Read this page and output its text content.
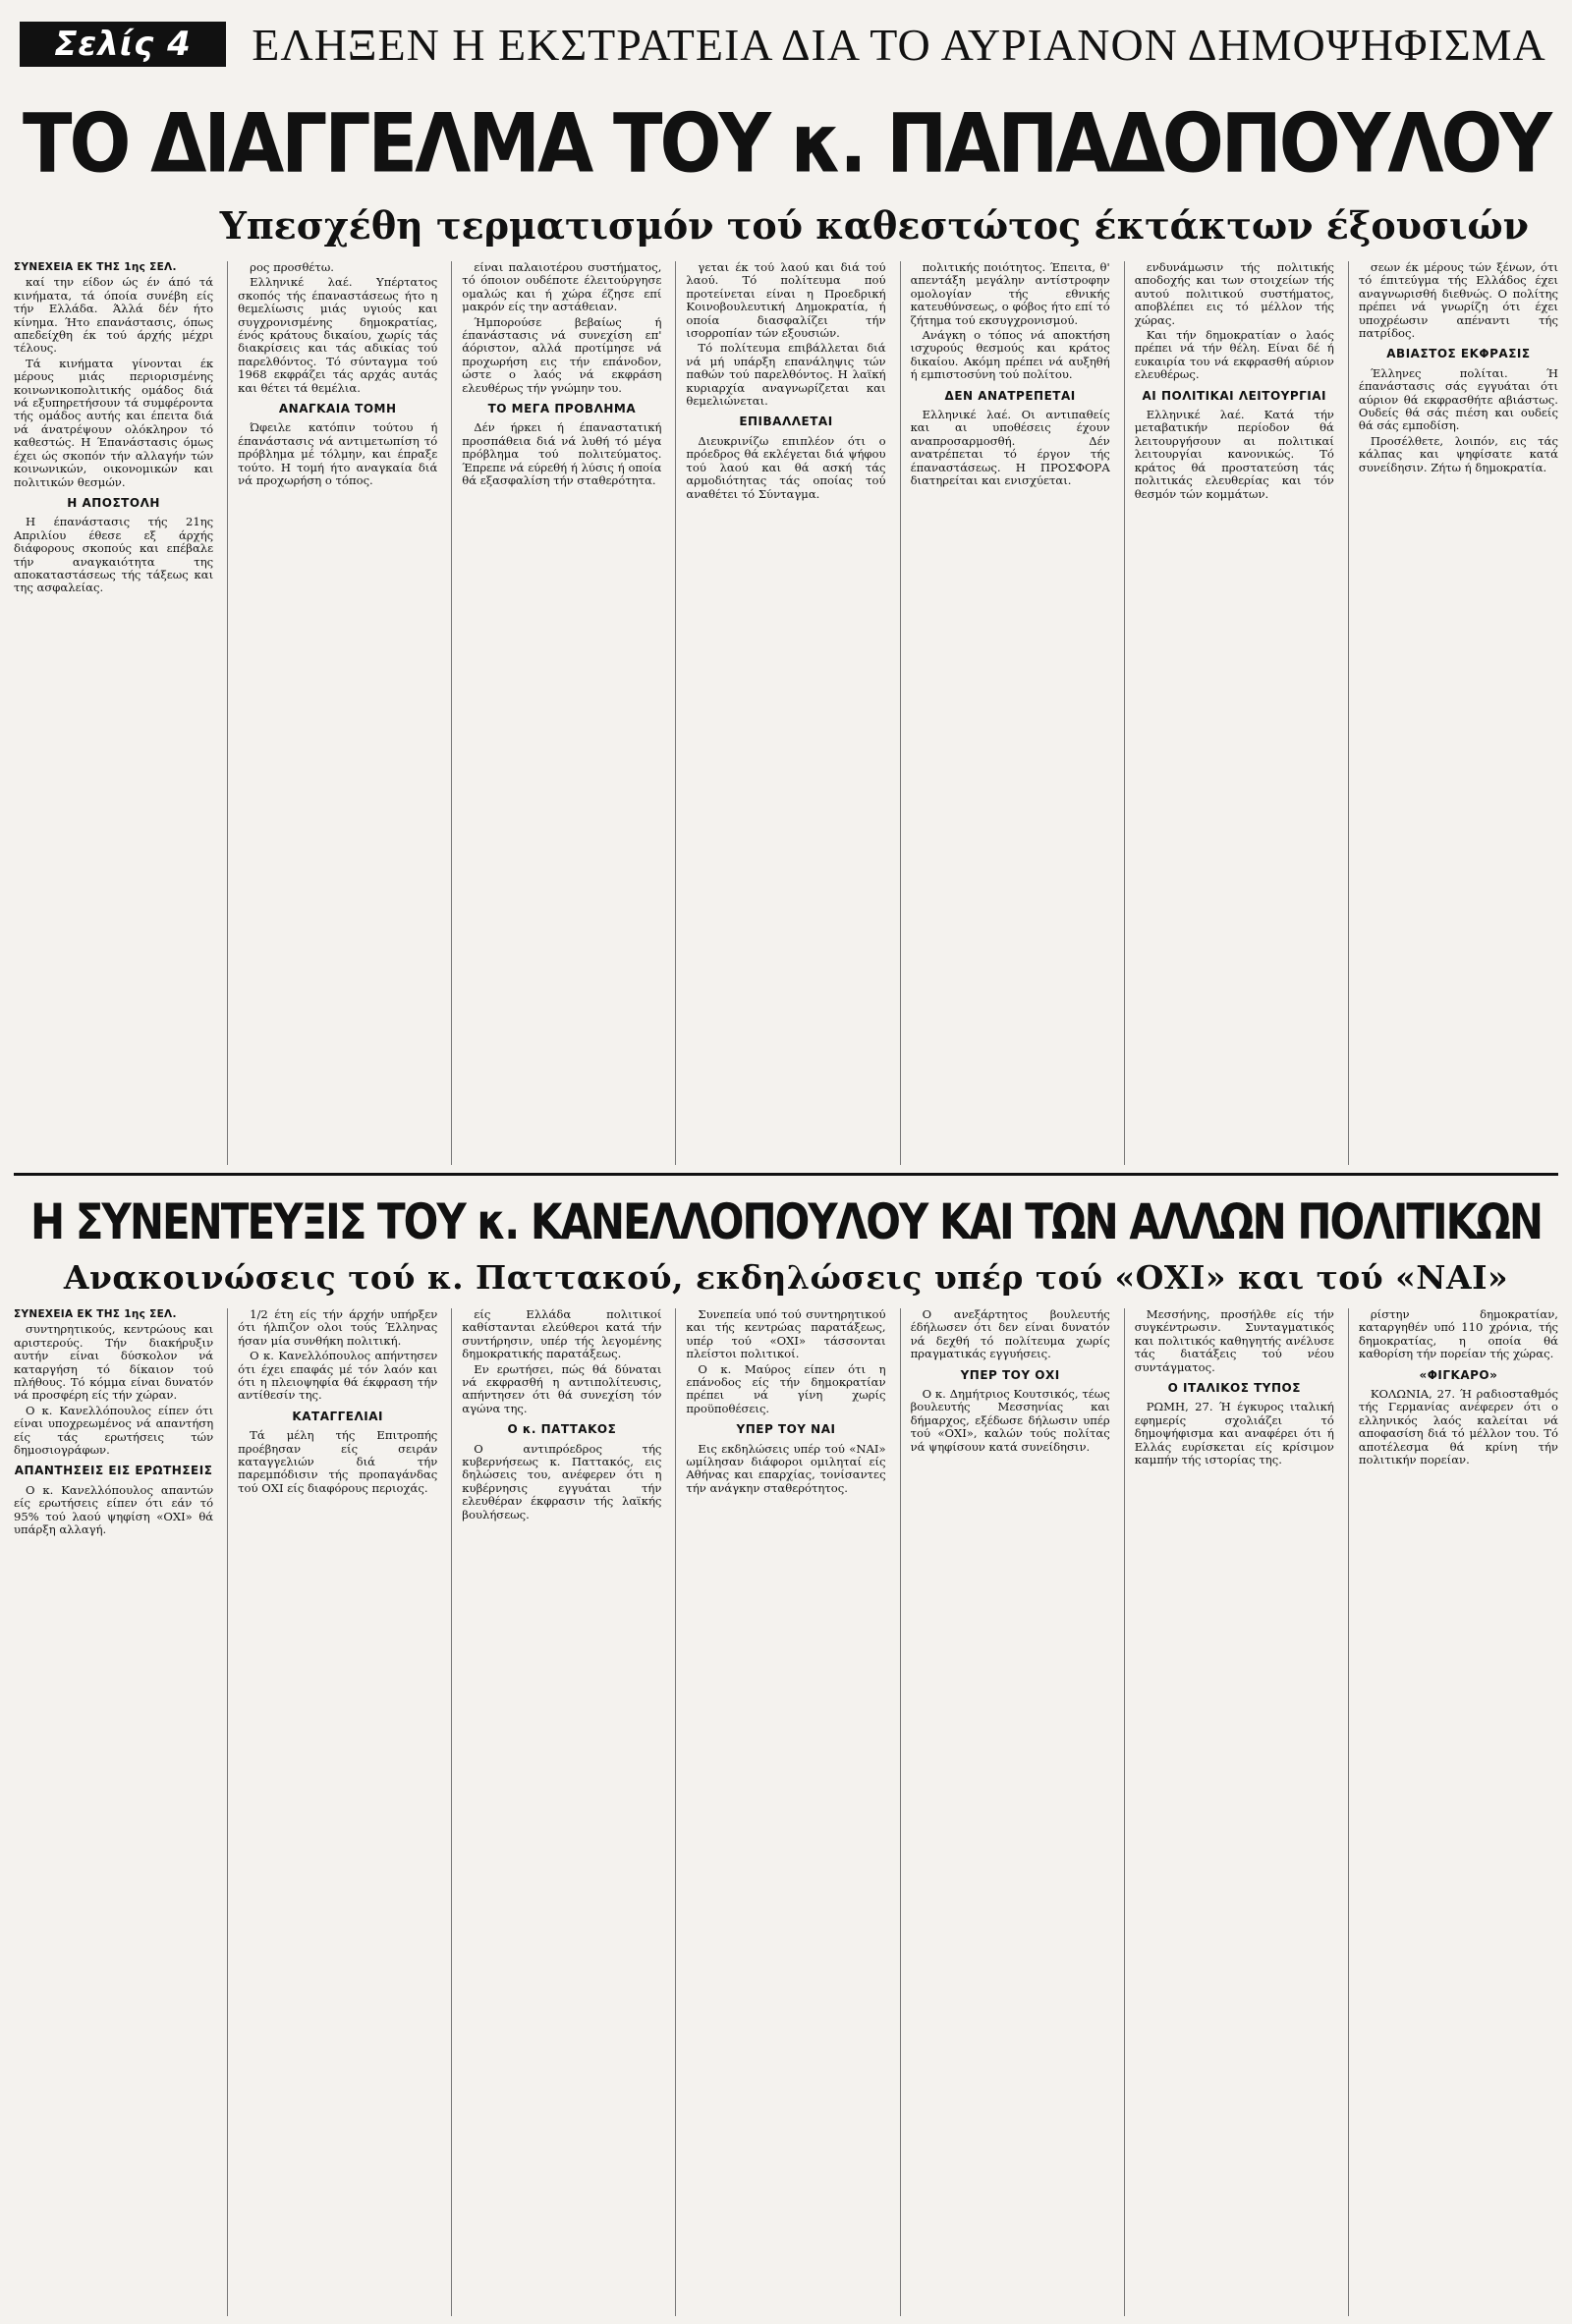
Σελίς 4	ΕΛΗΞΕΝ Η ΕΚΣΤΡΑΤΕΙΑ ΔΙΑ ΤΟ ΑΥΡΙΑΝΟΝ ΔΗΜΟΨΗΦΙΣΜΑ
ΤΟ ΔΙΑΓΓΕΛΜΑ ΤΟΥ κ. ΠΑΠΑΔΟΠΟΥΛΟΥ
Υπεσχέθη τερματισμόν τού καθεστώτος έκτάκτων έξουσιών
ΣΥΝΕΧΕΙΑ ΕΚ ΤΗΣ 1ης ΣΕΛ.

καί την είδον ώς έν άπό τά κινήματα, τά όποία συνέβη είς τήν Ελλάδα. Άλλά δέν ήτο κίνημα. Ήτο επανάστασις, όπως απεδείχθη έκ τού άρχής μέχρι τέλους.

Τά κινήματα γίνονται έκ μέρους μιάς περιορισμένης κοινωνικοπολιτικής ομάδος διά νά εξυπηρετήσουν τά συμφέροντα τής ομάδος αυτής και έπειτα διά νά άνατρέψουν ολόκληρον τό καθεστώς. Η Έπανάστασις όμως έχει ώς σκοπόν τήν αλλαγήν τών κοινωνικών, οικονομικών και πολιτικών θεσμών.

Η ΑΠΟΣΤΟΛΗ

Η έπανάστασις τής 21ης Απριλίου έθεσε εξ άρχής διάφορους σκοπούς και επέβαλε τήν αναγκαιότητα της αποκαταστάσεως τής τάξεως και της ασφαλείας.

ρος προσθέτω.

Ελληνικέ λαέ. Υπέρτατος σκοπός τής έπαναστάσεως ήτο η θεμελίωσις μιάς υγιούς και συγχρονισμένης δημοκρατίας, ένός κράτους δικαίου, χωρίς τάς διακρίσεις και τάς αδικίας τού παρελθόντος. Τό σύνταγμα τού 1968 εκφράζει τάς αρχάς αυτάς και θέτει τά θεμέλια.

ΑΝΑΓΚΑΙΑ ΤΟΜΗ

Ώφειλε κατόπιν τούτου ή έπανάστασις νά αντιμετωπίση τό πρόβλημα μέ τόλμην, και έπραξε τούτο. Η τομή ήτο αναγκαία διά νά προχωρήση ο τόπος.

είναι παλαιοτέρου συστήματος, τό όποιον ουδέποτε έλειτούργησε ομαλώς και ή χώρα έζησε επί μακρόν είς την αστάθειαν.

Ήμπορούσε βεβαίως ή έπανάστασις νά συνεχίση επ' άόριστον, αλλά προτίμησε νά προχωρήση εις τήν επάνοδον, ώστε ο λαός νά εκφράση ελευθέρως τήν γνώμην του.

ΤΟ ΜΕΓΑ ΠΡΟΒΛΗΜΑ

Δέν ήρκει ή έπαναστατική προσπάθεια διά νά λυθή τό μέγα πρόβλημα τού πολιτεύματος. Έπρεπε νά εύρεθή ή λύσις ή οποία θά εξασφαλίση τήν σταθερότητα.

γεται έκ τού λαού και διά τού λαού. Τό πολίτευμα πού προτείνεται είναι η Προεδρική Κοινοβουλευτική Δημοκρατία, ή οποία διασφαλίζει τήν ισορροπίαν τών εξουσιών.

Τό πολίτευμα επιβάλλεται διά νά μή υπάρξη επανάληψις τών παθών τού παρελθόντος. Η λαϊκή κυριαρχία αναγνωρίζεται και θεμελιώνεται.

ΕΠΙΒΑΛΛΕΤΑΙ

Διευκρινίζω επιπλέον ότι ο πρόεδρος θά εκλέγεται διά ψήφου τού λαού και θά ασκή τάς αρμοδιότητας τάς οποίας τού αναθέτει τό Σύνταγμα.

πολιτικής ποιότητος. Έπειτα, θ' απεντάξη μεγάλην αντίστροφην ομολογίαν τής εθνικής κατευθύνσεως, ο φόβος ήτο επί τό ζήτημα τού εκσυγχρονισμού.

Ανάγκη ο τόπος νά αποκτήση ισχυρούς θεσμούς και κράτος δικαίου. Ακόμη πρέπει νά αυξηθή ή εμπιστοσύνη τού πολίτου.

ΔΕΝ ΑΝΑΤΡΕΠΕΤΑΙ

Ελληνικέ λαέ. Οι αντιπαθείς και αι υποθέσεις έχουν αναπροσαρμοσθή. Δέν ανατρέπεται τό έργον τής έπαναστάσεως. Η ΠΡΟΣΦΟΡΑ διατηρείται και ενισχύεται.

ενδυνάμωσιν τής πολιτικής αποδοχής και των στοιχείων τής αυτού πολιτικού συστήματος, αποβλέπει εις τό μέλλον τής χώρας.

Και τήν δημοκρατίαν ο λαός πρέπει νά τήν θέλη. Είναι δέ ή ευκαιρία του νά εκφρασθή αύριον ελευθέρως.

ΑΙ ΠΟΛΙΤΙΚΑΙ ΛΕΙΤΟΥΡΓΙΑΙ

Ελληνικέ λαέ. Κατά τήν μεταβατικήν περίοδον θά λειτουργήσουν αι πολιτικαί λειτουργίαι κανονικώς. Τό κράτος θά προστατεύση τάς πολιτικάς ελευθερίας και τόν θεσμόν τών κομμάτων.

σεων έκ μέρους τών ξένων, ότι τό έπιτεύγμα τής Ελλάδος έχει αναγνωρισθή διεθνώς. Ο πολίτης πρέπει νά γνωρίζη ότι έχει υποχρέωσιν απέναντι τής πατρίδος.

ΑΒΙΑΣΤΟΣ ΕΚΦΡΑΣΙΣ

Έλληνες πολίται. Ή έπανάστασις σάς εγγυάται ότι αύριον θά εκφρασθήτε αβιάστως. Ουδείς θά σάς πιέση και ουδείς θά σάς εμποδίση.

Προσέλθετε, λοιπόν, εις τάς κάλπας και ψηφίσατε κατά συνείδησιν. Ζήτω ή δημοκρατία.

Η ΣΥΝΕΝΤΕΥΞΙΣ ΤΟΥ κ. ΚΑΝΕΛΛΟΠΟΥΛΟΥ ΚΑΙ ΤΩΝ ΑΛΛΩΝ ΠΟΛΙΤΙΚΩΝ
Ανακοινώσεις τού κ. Παττακού, εκδηλώσεις υπέρ τού «ΟΧΙ» και τού «ΝΑΙ»
ΣΥΝΕΧΕΙΑ ΕΚ ΤΗΣ 1ης ΣΕΛ.

συντηρητικούς, κεντρώους και αριστερούς. Τήν διακήρυξιν αυτήν είναι δύσκολον νά καταργήση τό δίκαιον τού πλήθους. Τό κόμμα είναι δυνατόν νά προσφέρη είς τήν χώραν.

Ο κ. Κανελλόπουλος είπεν ότι είναι υποχρεωμένος νά απαντήση είς τάς ερωτήσεις τών δημοσιογράφων.

ΑΠΑΝΤΗΣΕΙΣ ΕΙΣ ΕΡΩΤΗΣΕΙΣ

Ο κ. Κανελλόπουλος απαντών είς ερωτήσεις είπεν ότι εάν τό 95% τού λαού ψηφίση «ΟΧΙ» θά υπάρξη αλλαγή.

1/2 έτη είς τήν άρχήν υπήρξεν ότι ήλπιζον ολοι τούς Έλληνας ήσαν μία συνθήκη πολιτική.

Ο κ. Κανελλόπουλος απήντησεν ότι έχει επαφάς μέ τόν λαόν και ότι η πλειοψηφία θά έκφραση τήν αντίθεσίν της.

ΚΑΤΑΓΓΕΛΙΑΙ

Τά μέλη τής Επιτροπής προέβησαν είς σειράν καταγγελιών διά τήν παρεμπόδισιν τής προπαγάνδας τού ΟΧΙ είς διαφόρους περιοχάς.

είς Ελλάδα πολιτικοί καθίστανται ελεύθεροι κατά τήν συντήρησιν, υπέρ τής λεγομένης δημοκρατικής παρατάξεως.

Εν ερωτήσει, πώς θά δύναται νά εκφρασθή η αντιπολίτευσις, απήντησεν ότι θά συνεχίση τόν αγώνα της.

Ο κ. ΠΑΤΤΑΚΟΣ

Ο αντιπρόεδρος τής κυβερνήσεως κ. Παττακός, εις δηλώσεις του, ανέφερεν ότι η κυβέρνησις εγγυάται τήν ελευθέραν έκφρασιν τής λαϊκής βουλήσεως.

Συνεπεία υπό τού συντηρητικού και τής κεντρώας παρατάξεως, υπέρ τού «ΟΧΙ» τάσσονται πλείστοι πολιτικοί.

Ο κ. Μαύρος είπεν ότι η επάνοδος είς τήν δημοκρατίαν πρέπει νά γίνη χωρίς προϋποθέσεις.

ΥΠΕΡ ΤΟΥ ΝΑΙ

Εις εκδηλώσεις υπέρ τού «ΝΑΙ» ωμίλησαν διάφοροι ομιληταί είς Αθήνας και επαρχίας, τονίσαντες τήν ανάγκην σταθερότητος.

Ο ανεξάρτητος βουλευτής έδήλωσεν ότι δεν είναι δυνατόν νά δεχθή τό πολίτευμα χωρίς πραγματικάς εγγυήσεις.

ΥΠΕΡ ΤΟΥ ΟΧΙ

Ο κ. Δημήτριος Κουτσικός, τέως βουλευτής Μεσσηνίας και δήμαρχος, εξέδωσε δήλωσιν υπέρ τού «ΟΧΙ», καλών τούς πολίτας νά ψηφίσουν κατά συνείδησιν.

Μεσσήνης, προσήλθε είς τήν συγκέντρωσιν. Συνταγματικός και πολιτικός καθηγητής ανέλυσε τάς διατάξεις τού νέου συντάγματος.

Ο ΙΤΑΛΙΚΟΣ ΤΥΠΟΣ

ΡΩΜΗ, 27. Ή έγκυρος ιταλική εφημερίς σχολιάζει τό δημοψήφισμα και αναφέρει ότι ή Ελλάς ευρίσκεται είς κρίσιμον καμπήν τής ιστορίας της.

ρίστην δημοκρατίαν, καταργηθέν υπό 110 χρόνια, τής δημοκρατίας, η οποία θά καθορίση τήν πορείαν τής χώρας.

«ΦΙΓΚΑΡΟ»

ΚΟΛΩΝΙΑ, 27. Ή ραδιοσταθμός τής Γερμανίας ανέφερεν ότι ο ελληνικός λαός καλείται νά αποφασίση διά τό μέλλον του. Τό αποτέλεσμα θά κρίνη τήν πολιτικήν πορείαν.
